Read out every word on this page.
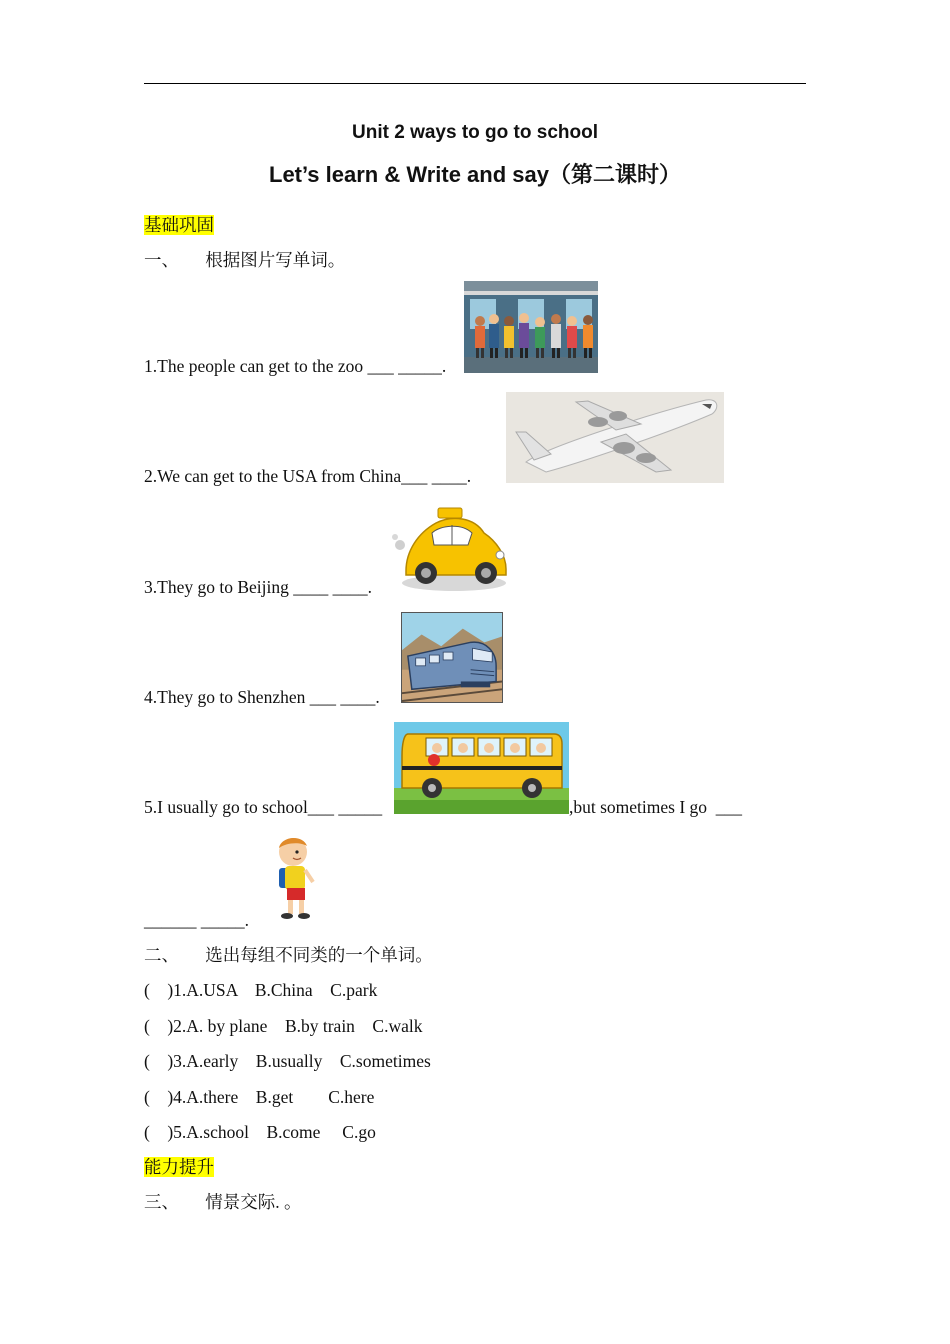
Unit 2 ways to go to school
Let’s learn & Write and say（第二课时）
基础巩固
一、　　根据图片写单词。
1.The people can get to the zoo ___ _____.
2.We can get to the USA from China___ ____.
3.They go to Beijing ____ ____.
4.They go to Shenzhen ___ ____.
5.I usually go to school___ _____	,but sometimes I go  ___
______ _____.
二、　　选出每组不同类的一个单词。
(　)1.A.USA　B.China　C.park
(　)2.A. by plane　B.by train　C.walk
(　)3.A.early　B.usually　C.sometimes
(　)4.A.there　B.get　　C.here
(　)5.A.school　B.come　 C.go
能力提升
三、　　情景交际. 。
